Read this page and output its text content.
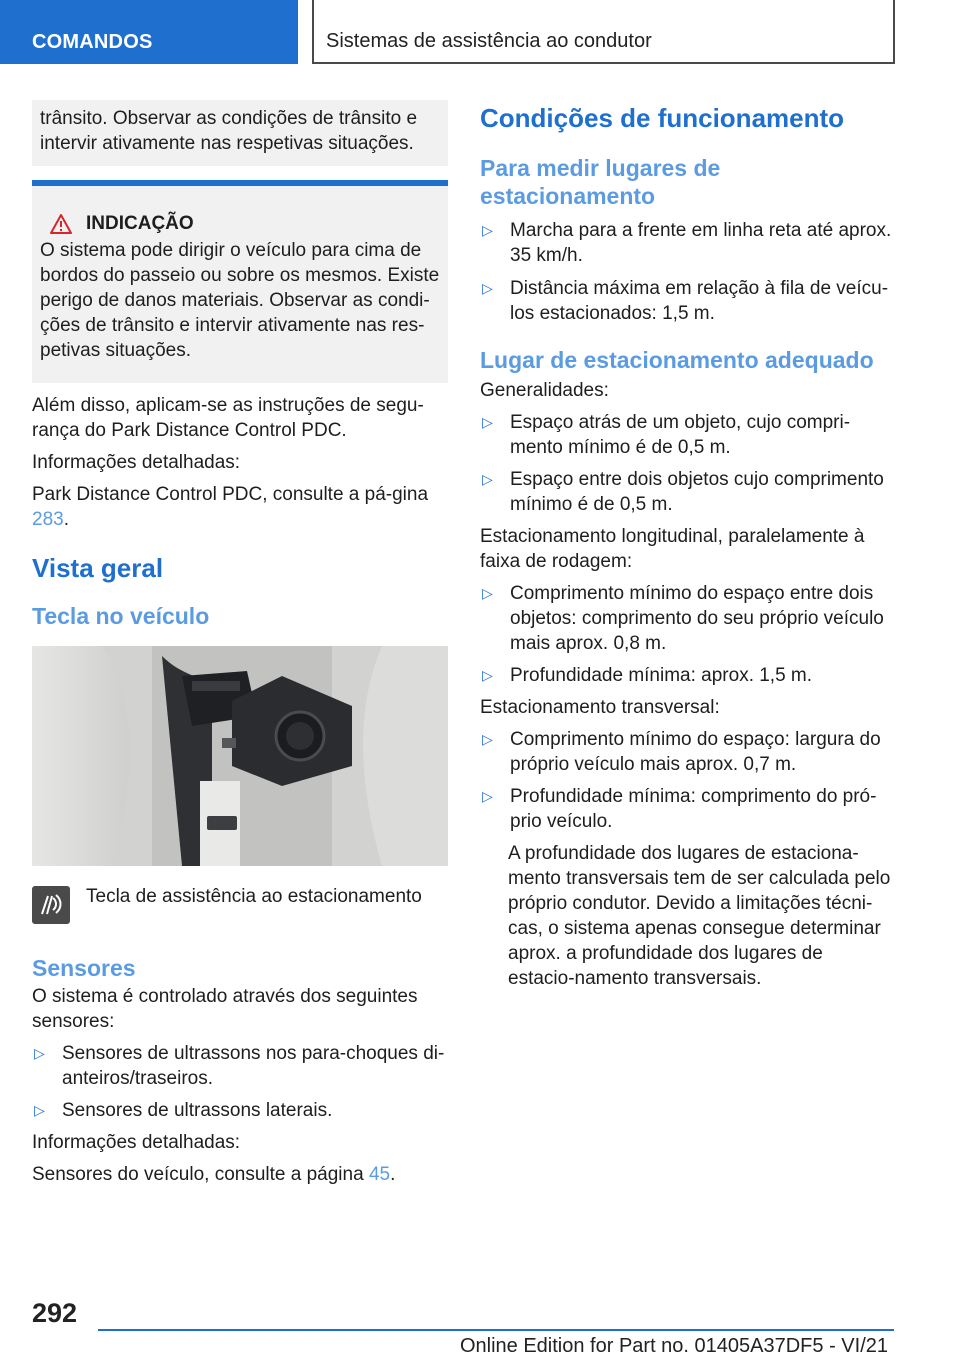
COMANDOS	Sistemas de assistência ao condutor

trânsito. Observar as condições de trânsito e intervir ativamente nas respetivas situações.

INDICAÇÃO

O sistema pode dirigir o veículo para cima de bordos do passeio ou sobre os mesmos. Existe perigo de danos materiais. Observar as condi-ções de trânsito e intervir ativamente nas res-petivas situações.

Além disso, aplicam-se as instruções de segu-rança do Park Distance Control PDC.

Informações detalhadas:

Park Distance Control PDC, consulte a pá-gina 283.

Vista geral
Tecla no veículo

Tecla de assistência ao estacionamento

Sensores

O sistema é controlado através dos seguintes sensores:

▷ Sensores de ultrassons nos para-choques di-anteiros/traseiros.

▷ Sensores de ultrassons laterais.

Informações detalhadas:

Sensores do veículo, consulte a página 45.

Condições de funcionamento
Para medir lugares de estacionamento
▷ Marcha para a frente em linha reta até aprox. 35 km/h.

▷ Distância máxima em relação à fila de veícu-los estacionados: 1,5 m.

Lugar de estacionamento adequado

Generalidades:

▷ Espaço atrás de um objeto, cujo compri-mento mínimo é de 0,5 m.

▷ Espaço entre dois objetos cujo comprimento mínimo é de 0,5 m.

Estacionamento longitudinal, paralelamente à faixa de rodagem:

▷ Comprimento mínimo do espaço entre dois objetos: comprimento do seu próprio veículo mais aprox. 0,8 m.

▷ Profundidade mínima: aprox. 1,5 m.

Estacionamento transversal:

▷ Comprimento mínimo do espaço: largura do próprio veículo mais aprox. 0,7 m.

▷ Profundidade mínima: comprimento do pró-prio veículo.

A profundidade dos lugares de estaciona-mento transversais tem de ser calculada pelo próprio condutor. Devido a limitações técni-cas, o sistema apenas consegue determinar aprox. a profundidade dos lugares de estacio-namento transversais.

292
Online Edition for Part no. 01405A37DF5 - VI/21
